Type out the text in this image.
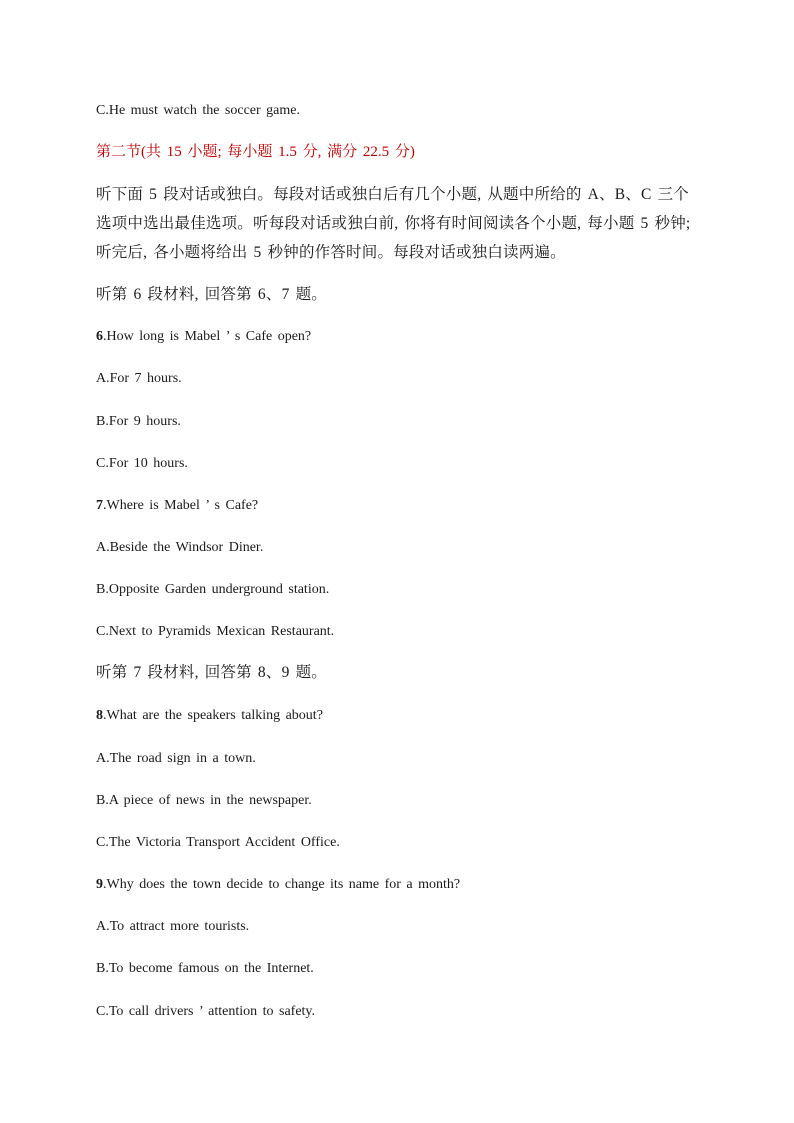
C.He must watch the soccer game.
第二节(共 15 小题; 每小题 1.5 分, 满分 22.5 分)
听下面 5 段对话或独白。每段对话或独白后有几个小题, 从题中所给的 A、B、C 三个
选项中选出最佳选项。听每段对话或独白前, 你将有时间阅读各个小题, 每小题 5 秒钟;
听完后, 各小题将给出 5 秒钟的作答时间。每段对话或独白读两遍。
听第 6 段材料, 回答第 6、7 题。
6.How long is Mabel ’ s Cafe open?
A.For 7 hours.
B.For 9 hours.
C.For 10 hours.
7.Where is Mabel ’ s Cafe?
A.Beside the Windsor Diner.
B.Opposite Garden underground station.
C.Next to Pyramids Mexican Restaurant.
听第 7 段材料, 回答第 8、9 题。
8.What are the speakers talking about?
A.The road sign in a town.
B.A piece of news in the newspaper.
C.The Victoria Transport Accident Office.
9.Why does the town decide to change its name for a month?
A.To attract more tourists.
B.To become famous on the Internet.
C.To call drivers ’ attention to safety.
